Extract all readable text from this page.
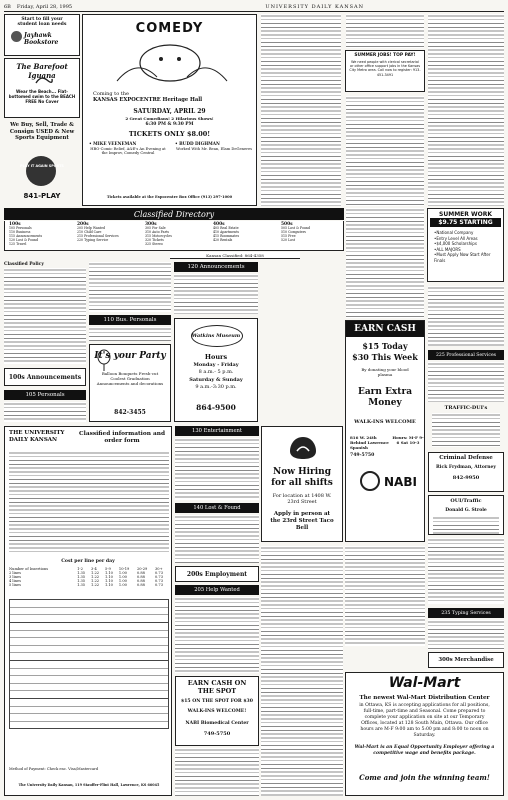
6B Friday, April 28, 1995	UNIVERSITY DAILY KANSAN
Start to fill your
student loan needs
Jayhawk Bookstore
The Barefoot Iguana
Wear the Beach... Flat-bottomed swim to the BEACH FREE No Cover
We Buy, Sell, Trade & Consign USED & New Sports Equipment
PLAY IT AGAIN SPORTS
841-PLAY
COMEDY
Coming to the
KANSAS EXPOCENTRE Heritage Hall
SATURDAY, APRIL 29
2 Great Comedians! 2 Hilarious Shows!
6:30 PM & 9:30 PM
TICKETS ONLY $8.00!
• MIKE VEENEMAN
HBO-Comic Relief, A&E's An Evening at the Improv, Comedy Central
• BUDD DIGHMAN
Worked With Mr. Bean, Elam DeGeneres
Tickets available at the Expocentre Box Office (913) 297-1000
SUMMER JOBS! TOP PAY!
We need people with clerical secretarial or other office support jobs in the Kansas City Metro area. Call now to register: 913-451-3491
SUMMER WORK
$9.75 STARTING
•National Company
•Entry Level All Areas
•$4,000 Scholarships
•ALL MAJORS
•Must Apply Now Start After Finals
Classified Directory
100s
105 Personals
110 Business
115 Announcements
120 Lost & Found
125 Travel
200s
205 Help Wanted
210 Child Care
215 Professional Services
220 Typing Service
300s
305 For Sale
310 Auto Parts
315 Motorcycles
320 Tickets
325 Stereo
400s
405 Real Estate
410 Apartments
415 Roommates
420 Rentals
500s
505 Lost & Found
510 Computers
515 Free
520 Lost
Kansan Classified: 864-4358
Classified Policy
100s Announcements
105 Personals
110 Bus. Personals
It's your Party
Balloon Bouquets Fresh-cut Coolest Graduation Announcements and decorations
842-3455
120 Announcements
Watkins Museum
Hours
Monday - Friday
8 a.m.- 5 p.m.
Saturday & Sunday
9 a.m.-3:30 p.m.
864-9500
EARN CASH
$15 Today
$30 This Week
By donating your blood plasma
Earn Extra Money
WALK-INS WELCOME
816 W. 24th Behind Lawrence Spanish
749-5750
Hours: M-F 9-6 Sat 10-3
NABI
225 Professional Services
TRAFFIC-DUI's
Criminal Defense
Rick Frydman, Attorney
842-9950
OUI/Traffic
Donald G. Strole
235 Typing Services
300s Merchandise
THE UNIVERSITY DAILY KANSAN
Classified information and order form
Cost per line per day
Number of Insertions	1-2	3-4	5-9	10-19	20-29	30+
2 lines	1.35	1.22	1.10	1.00	0.88	0.73
3 lines	1.35	1.22	1.10	1.00	0.88	0.73
4 lines	1.35	1.22	1.10	1.00	0.88	0.73
5 lines	1.35	1.22	1.10	1.00	0.88	0.73
Method of Payment: Check enc. Visa/Mastercard
The University Daily Kansan, 119 Stauffer-Flint Hall, Lawrence, KS 66045
130 Entertainment
140 Lost & Found
200s Employment
205 Help Wanted
EARN CASH ON THE SPOT
$15 ON THE SPOT FOR $30
WALK-INS WELCOME!
NABI Biomedical Center
749-5750
Now Hiring for all shifts
For location at 1408 W. 23rd Street
Apply in person at the 23rd Street Taco Bell
Wal-Mart
The newest Wal-Mart Distribution Center
in Ottawa, KS is accepting applications for all positions,
full-time, part-time and Seasonal. Come prepared to
complete your application on site at our Temporary
Offices, located at 128 South Main, Ottawa. Our office
hours are M-F 9:00 am to 5:00 pm and 8:00 to noon on
Saturday.
Wal-Mart is an Equal Opportunity Employer offering a competitive wage and benefits package.
Come and join the winning team!
